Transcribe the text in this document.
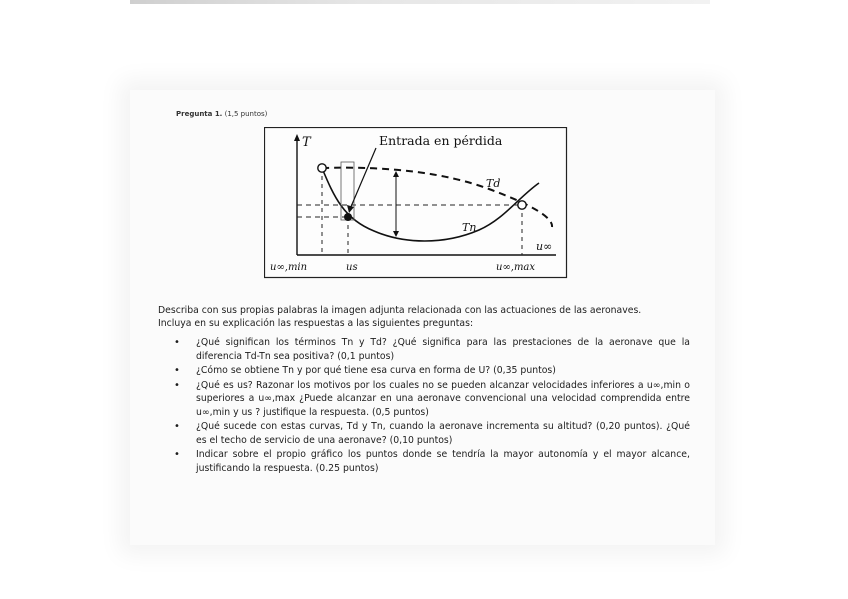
Pregunta 1. (1,5 puntos)
T
u∞
Td
Tn
Entrada en pérdida
u∞,min	us	u∞,max

Describa con sus propias palabras la imagen adjunta relacionada con las actuaciones de las aeronaves.

Incluya en su explicación las respuestas a las siguientes preguntas:

• ¿Qué significan los términos Tn y Td? ¿Qué significa para las prestaciones de la aeronave que la diferencia Td-Tn sea positiva? (0,1 puntos)
• ¿Cómo se obtiene Tn y por qué tiene esa curva en forma de U? (0,35 puntos)
• ¿Qué es us? Razonar los motivos por los cuales no se pueden alcanzar velocidades inferiores a u∞,min o superiores a u∞,max ¿Puede alcanzar en una aeronave convencional una velocidad comprendida entre u∞,min y us ? justifique la respuesta. (0,5 puntos)
• ¿Qué sucede con estas curvas, Td y Tn, cuando la aeronave incrementa su altitud? (0,20 puntos). ¿Qué es el techo de servicio de una aeronave? (0,10 puntos)
• Indicar sobre el propio gráfico los puntos donde se tendría la mayor autonomía y el mayor alcance, justificando la respuesta. (0.25 puntos)
